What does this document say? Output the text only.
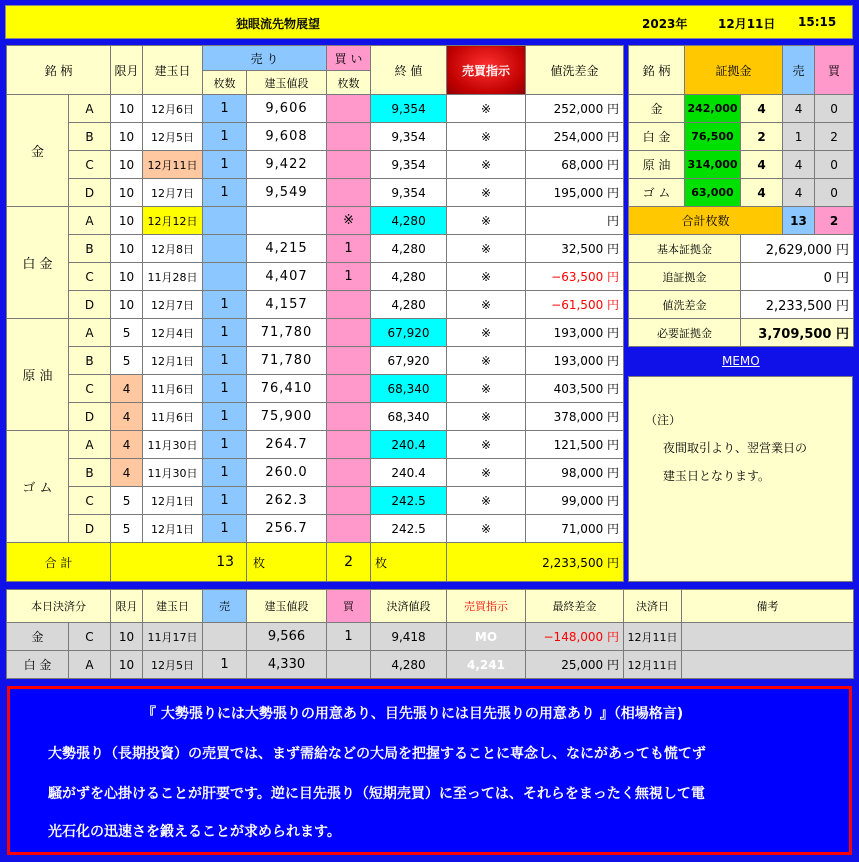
独眼流先物展望	2023年	12月11日 15:15
銘 柄		限月	建玉日	売 り		買 い	終 値	売買指示	値洗差金
				枚数	建玉値段	枚数			
金	A	10	12月6日	1	9,606		9,354	※	252,000 円
	B	10	12月5日	1	9,608		9,354	※	254,000 円
	C	10	12月11日	1	9,422		9,354	※	68,000 円
	D	10	12月7日	1	9,549		9,354	※	195,000 円
白 金	A	10	12月12日			※	4,280	※	円
	B	10	12月8日		4,215	1	4,280	※	32,500 円
	C	10	11月28日		4,407	1	4,280	※	−63,500 円
	D	10	12月7日	1	4,157		4,280	※	−61,500 円
原 油	A	5	12月4日	1	71,780		67,920	※	193,000 円
	B	5	12月1日	1	71,780		67,920	※	193,000 円
	C	4	11月6日	1	76,410		68,340	※	403,500 円
	D	4	11月6日	1	75,900		68,340	※	378,000 円
ゴ ム	A	4	11月30日	1	264.7		240.4	※	121,500 円
	B	4	11月30日	1	260.0		240.4	※	98,000 円
	C	5	12月1日	1	262.3		242.5	※	99,000 円
	D	5	12月1日	1	256.7		242.5	※	71,000 円
合 計		13			枚	2	枚	2,233,500 円	
銘 柄	証拠金		売	買
金	242,000	4	4	0
白 金	76,500	2	1	2
原 油	314,000	4	4	0
ゴ ム	63,000	4	4	0
合計枚数			13	2
基本証拠金		2,629,000 円		
追証拠金		0 円		
値洗差金		2,233,500 円		
必要証拠金		3,709,500 円		
MEMO
（注）
夜間取引より、翌営業日の
建玉日となります。
本日決済分		限月	建玉日	売	建玉値段	買	決済値段	売買指示	最終差金	決済日	備考
金	C	10	11月17日		9,566	1	9,418	MO	−148,000 円	12月11日	
白 金	A	10	12月5日	1	4,330		4,280	4,241	25,000 円	12月11日	
『 大勢張りには大勢張りの用意あり、目先張りには目先張りの用意あり 』（相場格言)
大勢張り（長期投資）の売買では、まず需給などの大局を把握することに専念し、なにがあっても慌てず
騒がずを心掛けることが肝要です。逆に目先張り（短期売買）に至っては、それらをまったく無視して電
光石化の迅速さを鍛えることが求められます。
